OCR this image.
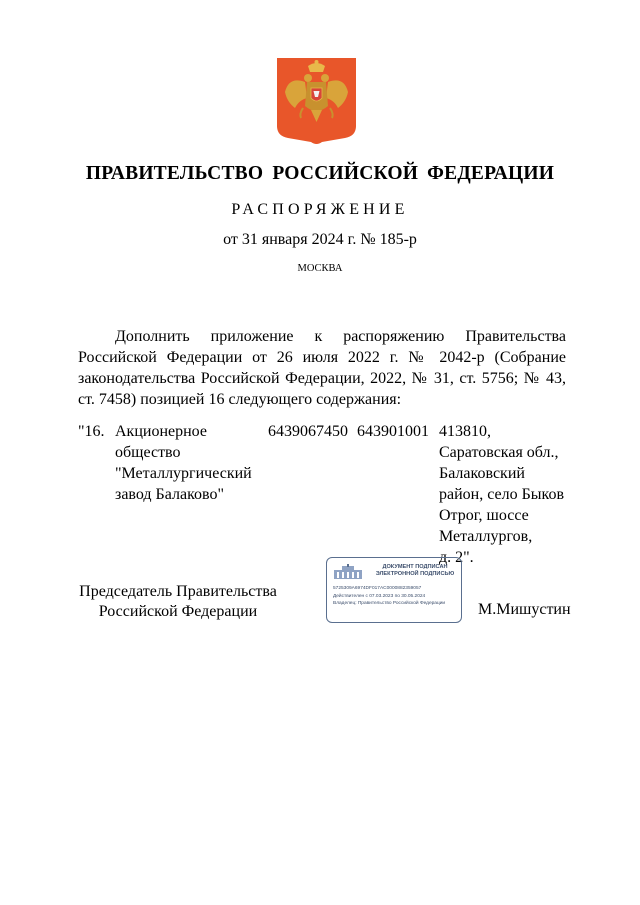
ПРАВИТЕЛЬСТВО РОССИЙСКОЙ ФЕДЕРАЦИИ
РАСПОРЯЖЕНИЕ
от 31 января 2024 г. № 185-р
МОСКВА

Дополнить приложение к распоряжению Правительства Российской Федерации от 26 июля 2022 г. № 2042-р (Собрание законодательства Российской Федерации, 2022, № 31, ст. 5756; № 43, ст. 7458) позицией 16 следующего содержания:

"16. Акционерное
общество
"Металлургический
завод Балаково"
6439067450 643901001 413810,
Саратовская обл.,
Балаковский
район, село Быков
Отрог, шоссе
Металлургов,
д. 2".
Председатель Правительства
Российской Федерации
ДОКУМЕНТ ПОДПИСАН
ЭЛЕКТРОННОЙ ПОДПИСЬЮ
5725309A6974DF017AC0000882359057
Действителен с 07.03.2023 по 30.05.2024
Владелец: Правительство Российской Федерации	М.Мишустин
